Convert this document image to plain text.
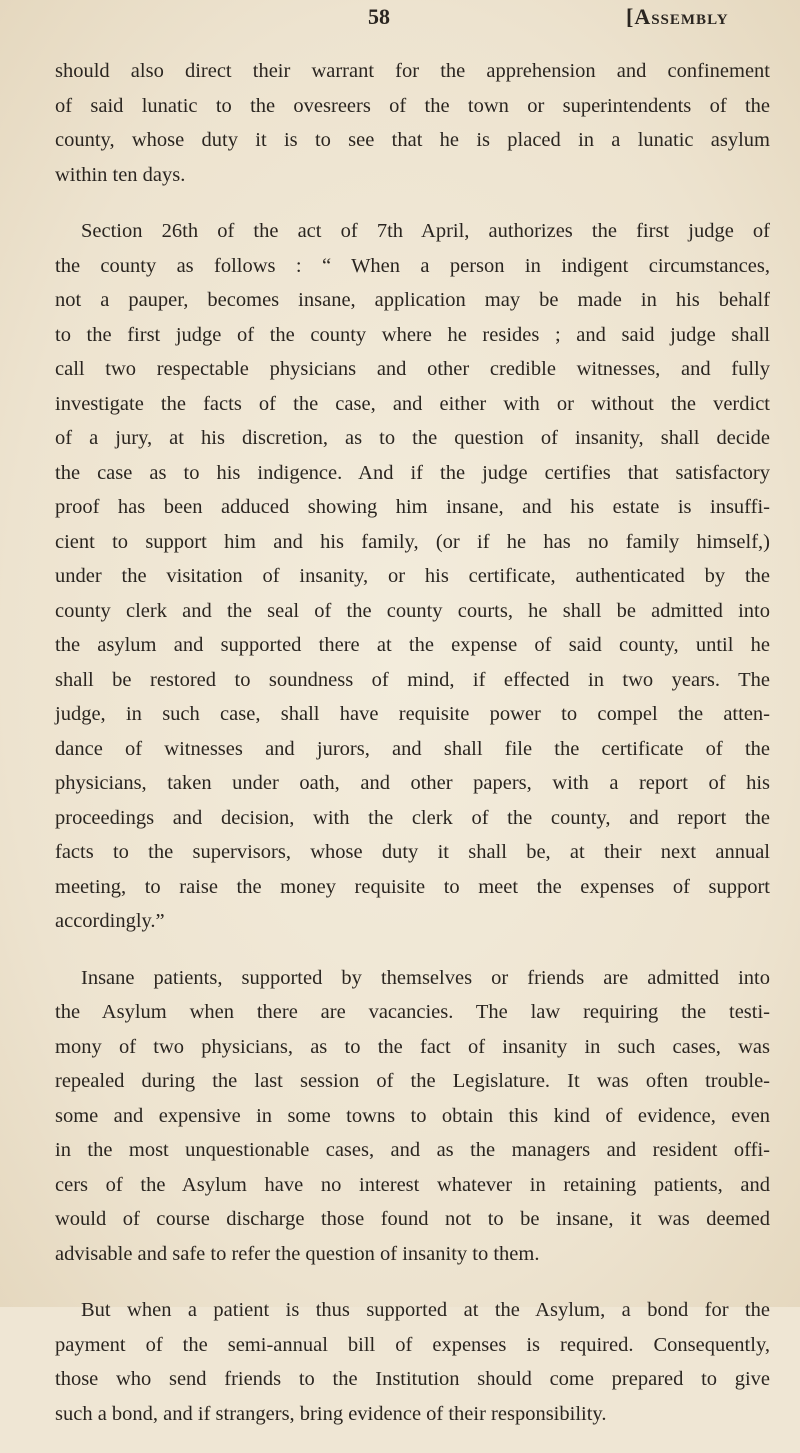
58	[Assembly
should also direct their warrant for the apprehension and confinement
of said lunatic to the ovesreers of the town or superintendents of the
county, whose duty it is to see that he is placed in a lunatic asylum
within ten days.
Section 26th of the act of 7th April, authorizes the first judge of
the county as follows : “ When a person in indigent circumstances,
not a pauper, becomes insane, application may be made in his behalf
to the first judge of the county where he resides ; and said judge shall
call two respectable physicians and other credible witnesses, and fully
investigate the facts of the case, and either with or without the verdict
of a jury, at his discretion, as to the question of insanity, shall decide
the case as to his indigence. And if the judge certifies that satisfactory
proof has been adduced showing him insane, and his estate is insuffi-
cient to support him and his family, (or if he has no family himself,)
under the visitation of insanity, or his certificate, authenticated by the
county clerk and the seal of the county courts, he shall be admitted into
the asylum and supported there at the expense of said county, until he
shall be restored to soundness of mind, if effected in two years. The
judge, in such case, shall have requisite power to compel the atten-
dance of witnesses and jurors, and shall file the certificate of the
physicians, taken under oath, and other papers, with a report of his
proceedings and decision, with the clerk of the county, and report the
facts to the supervisors, whose duty it shall be, at their next annual
meeting, to raise the money requisite to meet the expenses of support
accordingly.”
Insane patients, supported by themselves or friends are admitted into
the Asylum when there are vacancies. The law requiring the testi-
mony of two physicians, as to the fact of insanity in such cases, was
repealed during the last session of the Legislature. It was often trouble-
some and expensive in some towns to obtain this kind of evidence, even
in the most unquestionable cases, and as the managers and resident offi-
cers of the Asylum have no interest whatever in retaining patients, and
would of course discharge those found not to be insane, it was deemed
advisable and safe to refer the question of insanity to them.
But when a patient is thus supported at the Asylum, a bond for the
payment of the semi-annual bill of expenses is required. Consequently,
those who send friends to the Institution should come prepared to give
such a bond, and if strangers, bring evidence of their responsibility.
